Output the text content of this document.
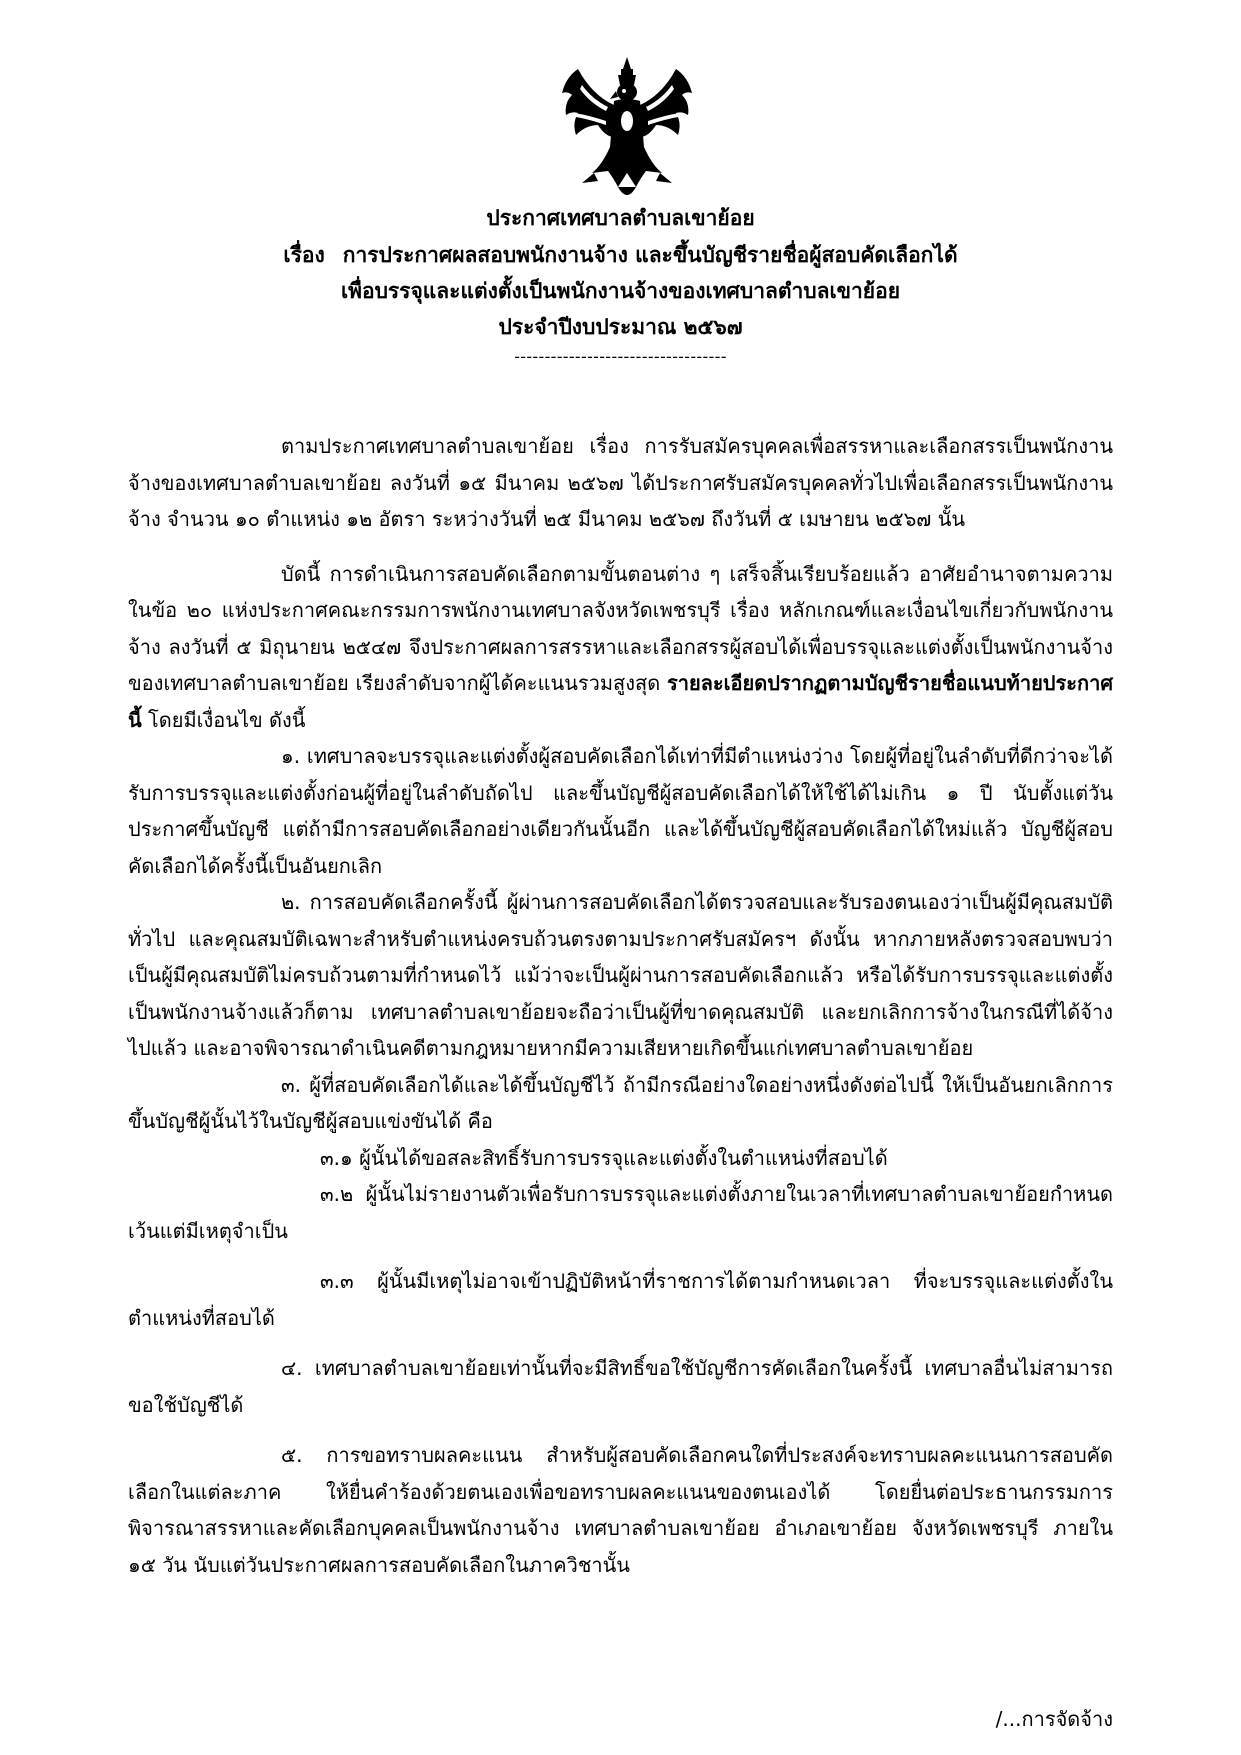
ประกาศเทศบาลตำบลเขาย้อย
เรื่อง การประกาศผลสอบพนักงานจ้าง และขึ้นบัญชีรายชื่อผู้สอบคัดเลือกได้
เพื่อบรรจุและแต่งตั้งเป็นพนักงานจ้างของเทศบาลตำบลเขาย้อย
ประจำปีงบประมาณ ๒๕๖๗
-----------------------------------

ตามประกาศเทศบาลตำบลเขาย้อย เรื่อง การรับสมัครบุคคลเพื่อสรรหาและเลือกสรรเป็นพนักงานจ้างของเทศบาลตำบลเขาย้อย ลงวันที่ ๑๕ มีนาคม ๒๕๖๗ ได้ประกาศรับสมัครบุคคลทั่วไปเพื่อเลือกสรรเป็นพนักงานจ้าง จำนวน ๑๐ ตำแหน่ง ๑๒ อัตรา ระหว่างวันที่ ๒๕ มีนาคม ๒๕๖๗ ถึงวันที่ ๕ เมษายน ๒๕๖๗ นั้น

บัดนี้ การดำเนินการสอบคัดเลือกตามขั้นตอนต่าง ๆ เสร็จสิ้นเรียบร้อยแล้ว อาศัยอำนาจตามความในข้อ ๒๐ แห่งประกาศคณะกรรมการพนักงานเทศบาลจังหวัดเพชรบุรี เรื่อง หลักเกณฑ์และเงื่อนไขเกี่ยวกับพนักงานจ้าง ลงวันที่ ๕ มิถุนายน ๒๕๔๗ จึงประกาศผลการสรรหาและเลือกสรรผู้สอบได้เพื่อบรรจุและแต่งตั้งเป็นพนักงานจ้างของเทศบาลตำบลเขาย้อย เรียงลำดับจากผู้ได้คะแนนรวมสูงสุด รายละเอียดปรากฏตามบัญชีรายชื่อแนบท้ายประกาศนี้ โดยมีเงื่อนไข ดังนี้

๑. เทศบาลจะบรรจุและแต่งตั้งผู้สอบคัดเลือกได้เท่าที่มีตำแหน่งว่าง โดยผู้ที่อยู่ในลำดับที่ดีกว่าจะได้รับการบรรจุและแต่งตั้งก่อนผู้ที่อยู่ในลำดับถัดไป และขึ้นบัญชีผู้สอบคัดเลือกได้ให้ใช้ได้ไม่เกิน ๑ ปี นับตั้งแต่วันประกาศขึ้นบัญชี แต่ถ้ามีการสอบคัดเลือกอย่างเดียวกันนั้นอีก และได้ขึ้นบัญชีผู้สอบคัดเลือกได้ใหม่แล้ว บัญชีผู้สอบคัดเลือกได้ครั้งนี้เป็นอันยกเลิก

๒. การสอบคัดเลือกครั้งนี้ ผู้ผ่านการสอบคัดเลือกได้ตรวจสอบและรับรองตนเองว่าเป็นผู้มีคุณสมบัติทั่วไป และคุณสมบัติเฉพาะสำหรับตำแหน่งครบถ้วนตรงตามประกาศรับสมัครฯ ดังนั้น หากภายหลังตรวจสอบพบว่าเป็นผู้มีคุณสมบัติไม่ครบถ้วนตามที่กำหนดไว้ แม้ว่าจะเป็นผู้ผ่านการสอบคัดเลือกแล้ว หรือได้รับการบรรจุและแต่งตั้งเป็นพนักงานจ้างแล้วก็ตาม เทศบาลตำบลเขาย้อยจะถือว่าเป็นผู้ที่ขาดคุณสมบัติ และยกเลิกการจ้างในกรณีที่ได้จ้างไปแล้ว และอาจพิจารณาดำเนินคดีตามกฎหมายหากมีความเสียหายเกิดขึ้นแก่เทศบาลตำบลเขาย้อย

๓. ผู้ที่สอบคัดเลือกได้และได้ขึ้นบัญชีไว้ ถ้ามีกรณีอย่างใดอย่างหนึ่งดังต่อไปนี้ ให้เป็นอันยกเลิกการขึ้นบัญชีผู้นั้นไว้ในบัญชีผู้สอบแข่งขันได้ คือ

๓.๑ ผู้นั้นได้ขอสละสิทธิ์รับการบรรจุและแต่งตั้งในตำแหน่งที่สอบได้

๓.๒ ผู้นั้นไม่รายงานตัวเพื่อรับการบรรจุและแต่งตั้งภายในเวลาที่เทศบาลตำบลเขาย้อยกำหนดเว้นแต่มีเหตุจำเป็น

๓.๓ ผู้นั้นมีเหตุไม่อาจเข้าปฏิบัติหน้าที่ราชการได้ตามกำหนดเวลา ที่จะบรรจุและแต่งตั้งในตำแหน่งที่สอบได้

๔. เทศบาลตำบลเขาย้อยเท่านั้นที่จะมีสิทธิ์ขอใช้บัญชีการคัดเลือกในครั้งนี้ เทศบาลอื่นไม่สามารถขอใช้บัญชีได้

๕. การขอทราบผลคะแนน สำหรับผู้สอบคัดเลือกคนใดที่ประสงค์จะทราบผลคะแนนการสอบคัดเลือกในแต่ละภาค ให้ยื่นคำร้องด้วยตนเองเพื่อขอทราบผลคะแนนของตนเองได้ โดยยื่นต่อประธานกรรมการพิจารณาสรรหาและคัดเลือกบุคคลเป็นพนักงานจ้าง เทศบาลตำบลเขาย้อย อำเภอเขาย้อย จังหวัดเพชรบุรี ภายใน ๑๕ วัน นับแต่วันประกาศผลการสอบคัดเลือกในภาควิชานั้น

/...การจัดจ้าง
